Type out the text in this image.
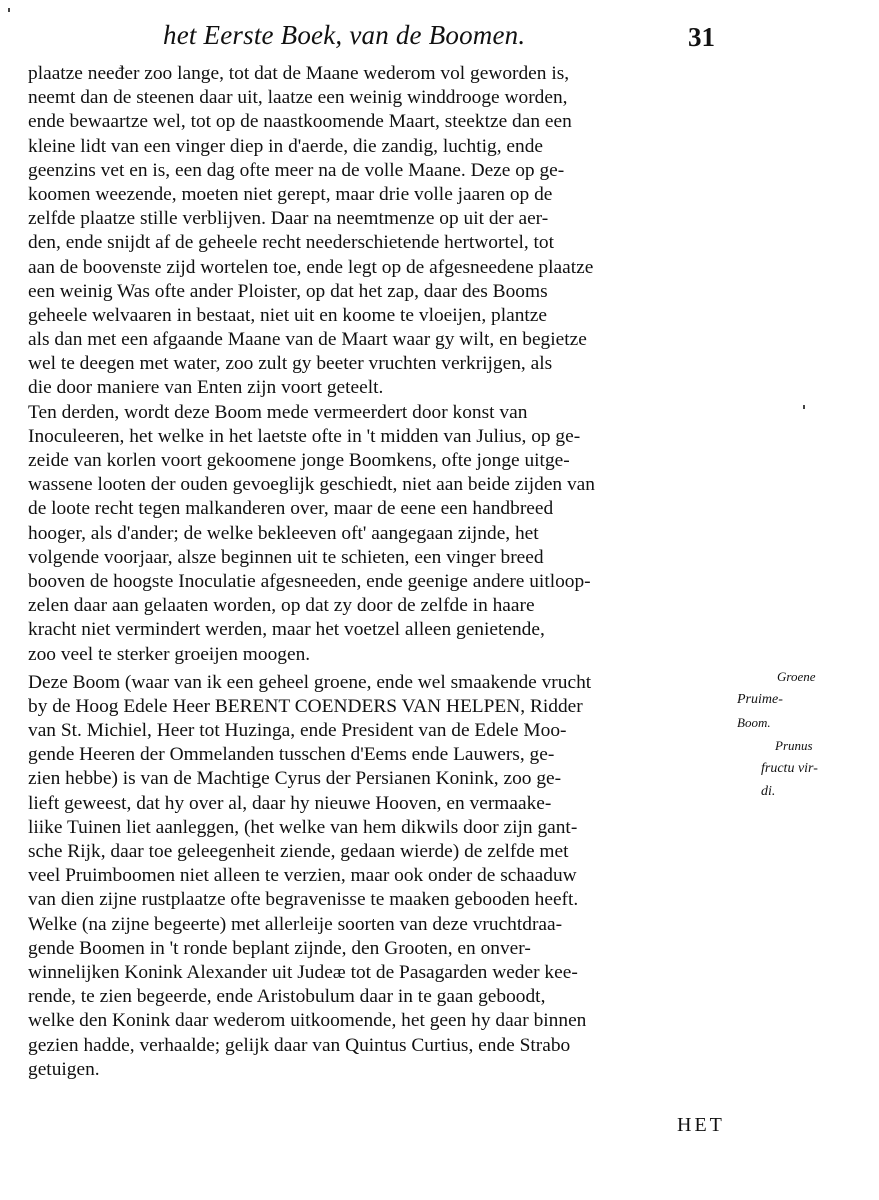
het Eerste Boek, van de Boomen.	31
plaatze neeđer zoo lange, tot dat de Maane wederom vol geworden is,
neemt dan de steenen daar uit, laatze een weinig winddrooge worden,
ende bewaartze wel, tot op de naastkoomende Maart, steektze dan een
kleine lidt van een vinger diep in d'aerde, die zandig, luchtig, ende
geenzins vet en is, een dag ofte meer na de volle Maane. Deze op ge-
koomen weezende, moeten niet gerept, maar drie volle jaaren op de
zelfde plaatze stille verblijven. Daar na neemtmenze op uit der aer-
den, ende snijdt af de geheele recht neederschietende hertwortel, tot
aan de boovenste zijd wortelen toe, ende legt op de afgesneedene plaatze
een weinig Was ofte ander Ploister, op dat het zap, daar des Booms
geheele welvaaren in bestaat, niet uit en koome te vloeijen, plantze
als dan met een afgaande Maane van de Maart waar gy wilt, en begietze
wel te deegen met water, zoo zult gy beeter vruchten verkrijgen, als
die door maniere van Enten zijn voort geteelt.
Ten derden, wordt deze Boom mede vermeerdert door konst van
Inoculeeren, het welke in het laetste ofte in 't midden van Julius, op ge-
zeide van korlen voort gekoomene jonge Boomkens, ofte jonge uitge-
wassene looten der ouden gevoeglijk geschiedt, niet aan beide zijden van
de loote recht tegen malkanderen over, maar de eene een handbreed
hooger, als d'ander; de welke bekleeven oft' aangegaan zijnde, het
volgende voorjaar, alsze beginnen uit te schieten, een vinger breed
booven de hoogste Inoculatie afgesneeden, ende geenige andere uitloop-
zelen daar aan gelaaten worden, op dat zy door de zelfde in haare
kracht niet vermindert werden, maar het voetzel alleen genietende,
zoo veel te sterker groeijen moogen.
Deze Boom (waar van ik een geheel groene, ende wel smaakende vrucht
by de Hoog Edele Heer BERENT COENDERS VAN HELPEN, Ridder
van St. Michiel, Heer tot Huzinga, ende President van de Edele Moo-
gende Heeren der Ommelanden tusschen d'Eems ende Lauwers, ge-
zien hebbe) is van de Machtige Cyrus der Persianen Konink, zoo ge-
lieft geweest, dat hy over al, daar hy nieuwe Hooven, en vermaake-
liike Tuinen liet aanleggen, (het welke van hem dikwils door zijn gant-
sche Rijk, daar toe geleegenheit ziende, gedaan wierde) de zelfde met
veel Pruimboomen niet alleen te verzien, maar ook onder de schaaduw
van dien zijne rustplaatze ofte begravenisse te maaken gebooden heeft.
Welke (na zijne begeerte) met allerleije soorten van deze vruchtdraa-
gende Boomen in 't ronde beplant zijnde, den Grooten, en onver-
winnelijken Konink Alexander uit Judeæ tot de Pasagarden weder kee-
rende, te zien begeerde, ende Aristobulum daar in te gaan geboodt,
welke den Konink daar wederom uitkoomende, het geen hy daar binnen
gezien hadde, verhaalde; gelijk daar van Quintus Curtius, ende Strabo
getuigen.
Groene
Pruime-
Boom.
Prunus
fructu vir-
di.
HET
